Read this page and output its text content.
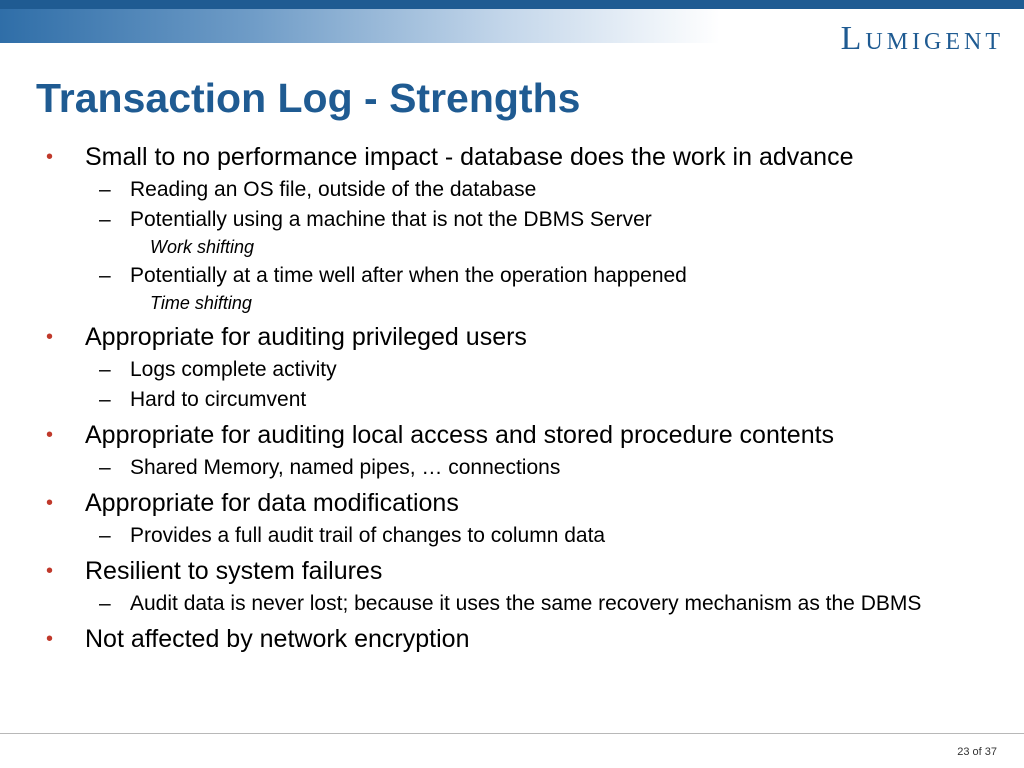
Lumigent
Transaction Log - Strengths
• Small to no performance impact - database does the work in advance
– Reading an OS file, outside of the database
– Potentially using a machine that is not the DBMS Server
Work shifting
– Potentially at a time well after when the operation happened
Time shifting
• Appropriate for auditing privileged users
– Logs complete activity
– Hard to circumvent
• Appropriate for auditing local access and stored procedure contents
– Shared Memory, named pipes, … connections
• Appropriate for data modifications
– Provides a full audit trail of changes to column data
• Resilient to system failures
– Audit data is never lost; because it uses the same recovery mechanism as the DBMS
• Not affected by network encryption
23 of 37
